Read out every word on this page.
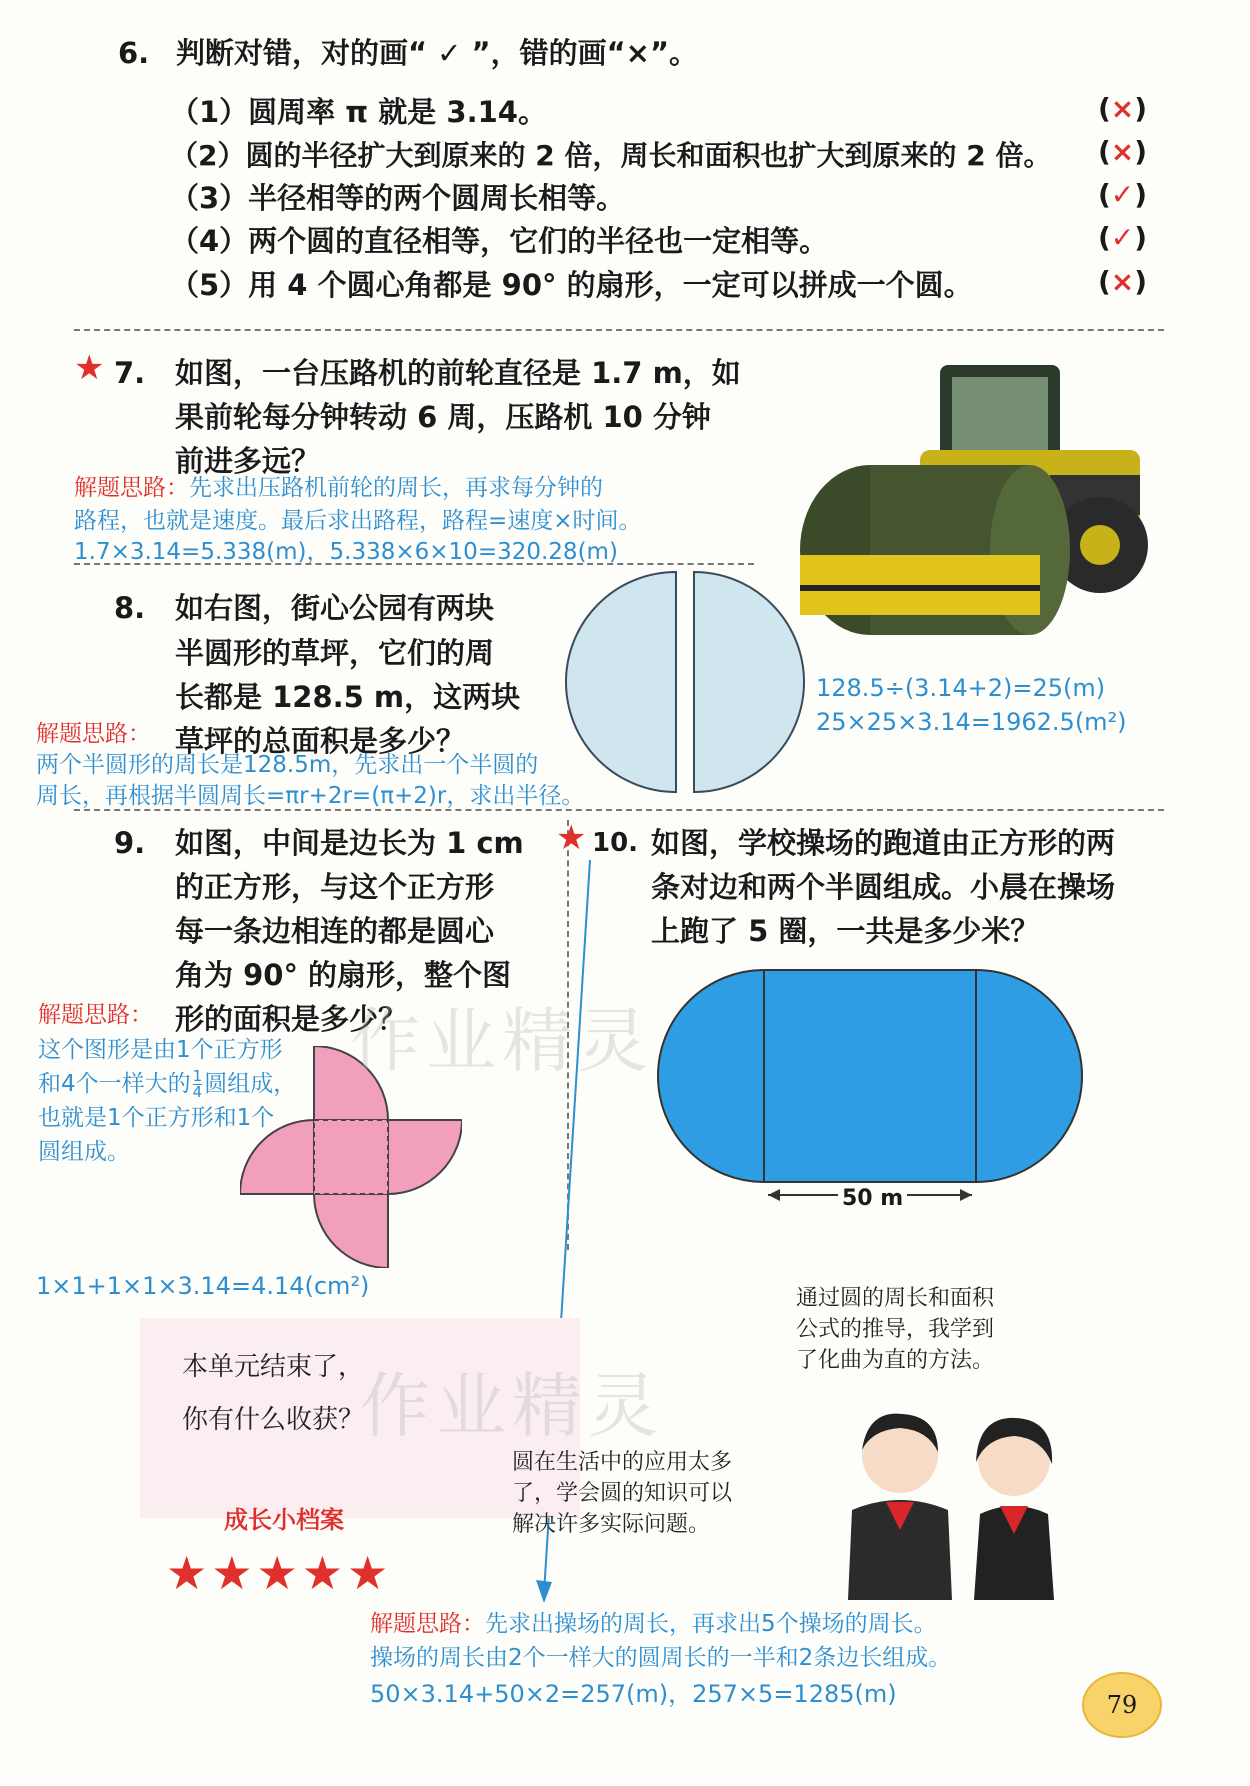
6. 判断对错，对的画“ ✓ ”，错的画“×”。
（1）圆周率 π 就是 3.14。	(×)
（2）圆的半径扩大到原来的 2 倍，周长和面积也扩大到原来的 2 倍。 (×)
（3）半径相等的两个圆周长相等。	(✓)
（4）两个圆的直径相等，它们的半径也一定相等。	(✓)
（5）用 4 个圆心角都是 90° 的扇形，一定可以拼成一个圆。	(×)
★ 7. 如图，一台压路机的前轮直径是 1.7 m，如
果前轮每分钟转动 6 周，压路机 10 分钟
前进多远？
解题思路：先求出压路机前轮的周长，再求每分钟的
路程，也就是速度。最后求出路程，路程=速度×时间。
1.7×3.14=5.338(m)，5.338×6×10=320.28(m)
8. 如右图，街心公园有两块
半圆形的草坪，它们的周
长都是 128.5 m，这两块
草坪的总面积是多少？
解题思路：
两个半圆形的周长是128.5m，先求出一个半圆的
周长，再根据半圆周长=πr+2r=(π+2)r，求出半径。
128.5÷(3.14+2)=25(m)
25×25×3.14=1962.5(m²)
9. 如图，中间是边长为 1 cm
的正方形，与这个正方形
每一条边相连的都是圆心
角为 90° 的扇形，整个图
形的面积是多少？
解题思路：
这个图形是由1个正方形
和4个一样大的 $\frac{1}{4}$ 圆组成，
也就是1个正方形和1个
圆组成。
1×1+1×1×3.14=4.14(cm²)
★ 10. 如图，学校操场的跑道由正方形的两
条对边和两个半圆组成。小晨在操场
上跑了 5 圈，一共是多少米？
50 m
本单元结束了，
你有什么收获？
成长小档案
★★★★★
通过圆的周长和面积
公式的推导，我学到
了化曲为直的方法。
圆在生活中的应用太多
了，学会圆的知识可以
解决许多实际问题。
解题思路：先求出操场的周长，再求出5个操场的周长。
操场的周长由2个一样大的圆周长的一半和2条边长组成。
50×3.14+50×2=257(m)，257×5=1285(m)
作业精灵
作业精灵
79
